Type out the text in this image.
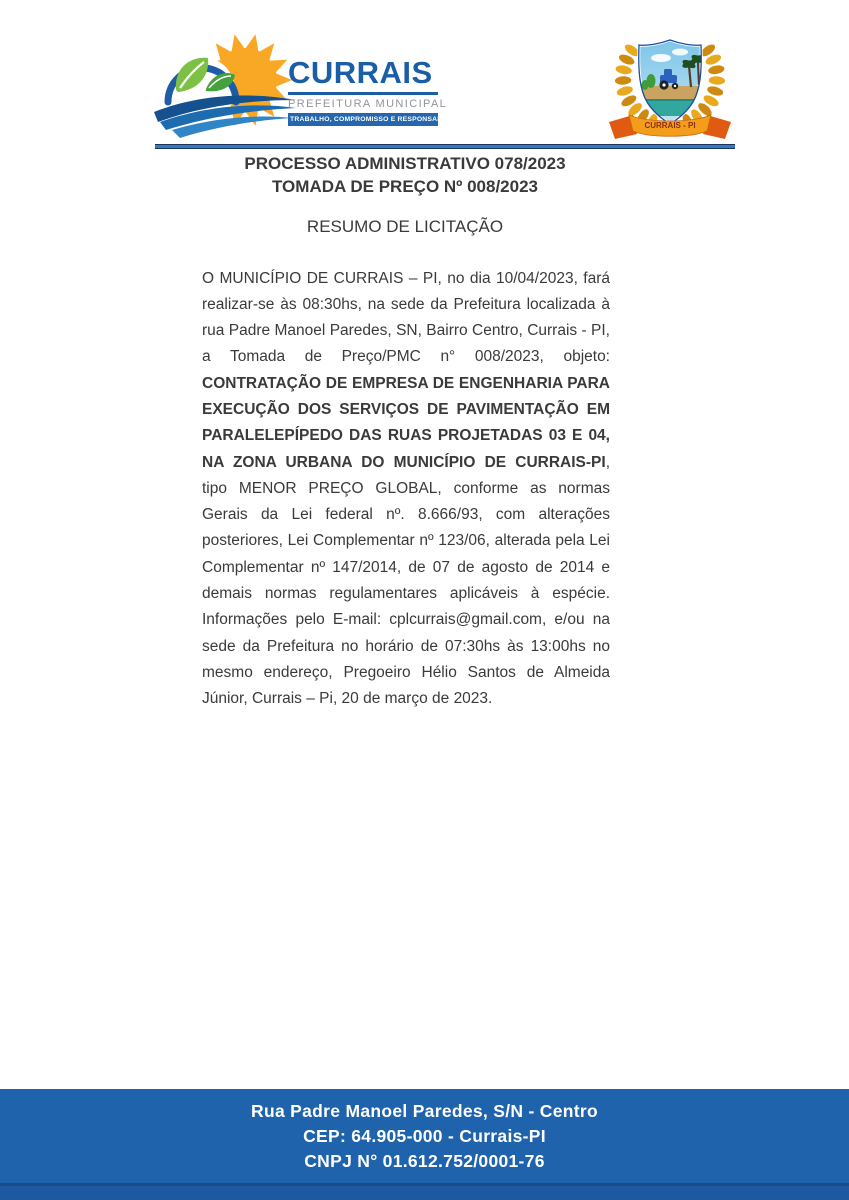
CURRAIS
PREFEITURA MUNICIPAL
TRABALHO, COMPROMISSO E RESPONSABILIDADE
CURRAIS - PI
PROCESSO ADMINISTRATIVO 078/2023
TOMADA DE PREÇO Nº 008/2023
RESUMO DE LICITAÇÃO

O MUNICÍPIO DE CURRAIS – PI, no dia 10/04/2023, fará realizar-se às 08:30hs, na sede da Prefeitura localizada à rua Padre Manoel Paredes, SN, Bairro Centro, Currais - PI, a Tomada de Preço/PMC n° 008/2023, objeto: CONTRATAÇÃO DE EMPRESA DE ENGENHARIA PARA EXECUÇÃO DOS SERVIÇOS DE PAVIMENTAÇÃO EM PARALELEPÍPEDO DAS RUAS PROJETADAS 03 E 04, NA ZONA URBANA DO MUNICÍPIO DE CURRAIS-PI, tipo MENOR PREÇO GLOBAL, conforme as normas Gerais da Lei federal nº. 8.666/93, com alterações posteriores, Lei Complementar nº 123/06, alterada pela Lei Complementar nº 147/2014, de 07 de agosto de 2014 e demais normas regulamentares aplicáveis à espécie. Informações pelo E-mail: cplcurrais@gmail.com, e/ou na sede da Prefeitura no horário de 07:30hs às 13:00hs no mesmo endereço, Pregoeiro Hélio Santos de Almeida Júnior, Currais – Pi, 20 de março de 2023.

Rua Padre Manoel Paredes, S/N - Centro
CEP: 64.905-000 - Currais-PI
CNPJ N° 01.612.752/0001-76
